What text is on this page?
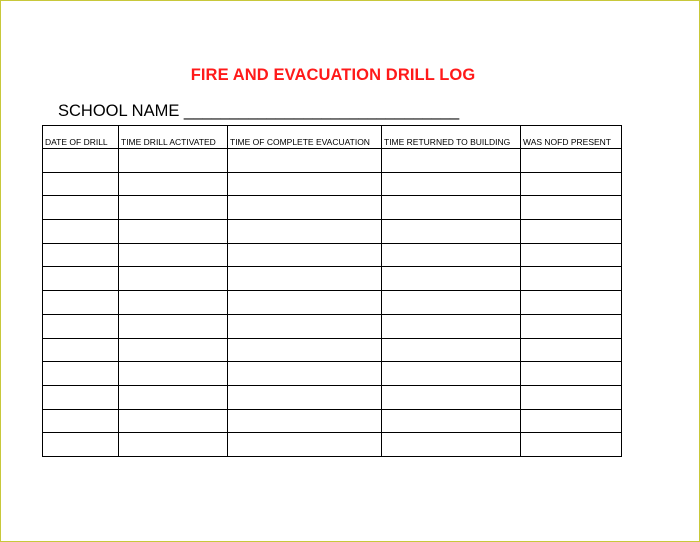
FIRE AND EVACUATION DRILL LOG
SCHOOL NAME ______________________________
DATE OF DRILL	TIME DRILL ACTIVATED	TIME OF COMPLETE EVACUATION	TIME RETURNED TO BUILDING	WAS NOFD PRESENT
